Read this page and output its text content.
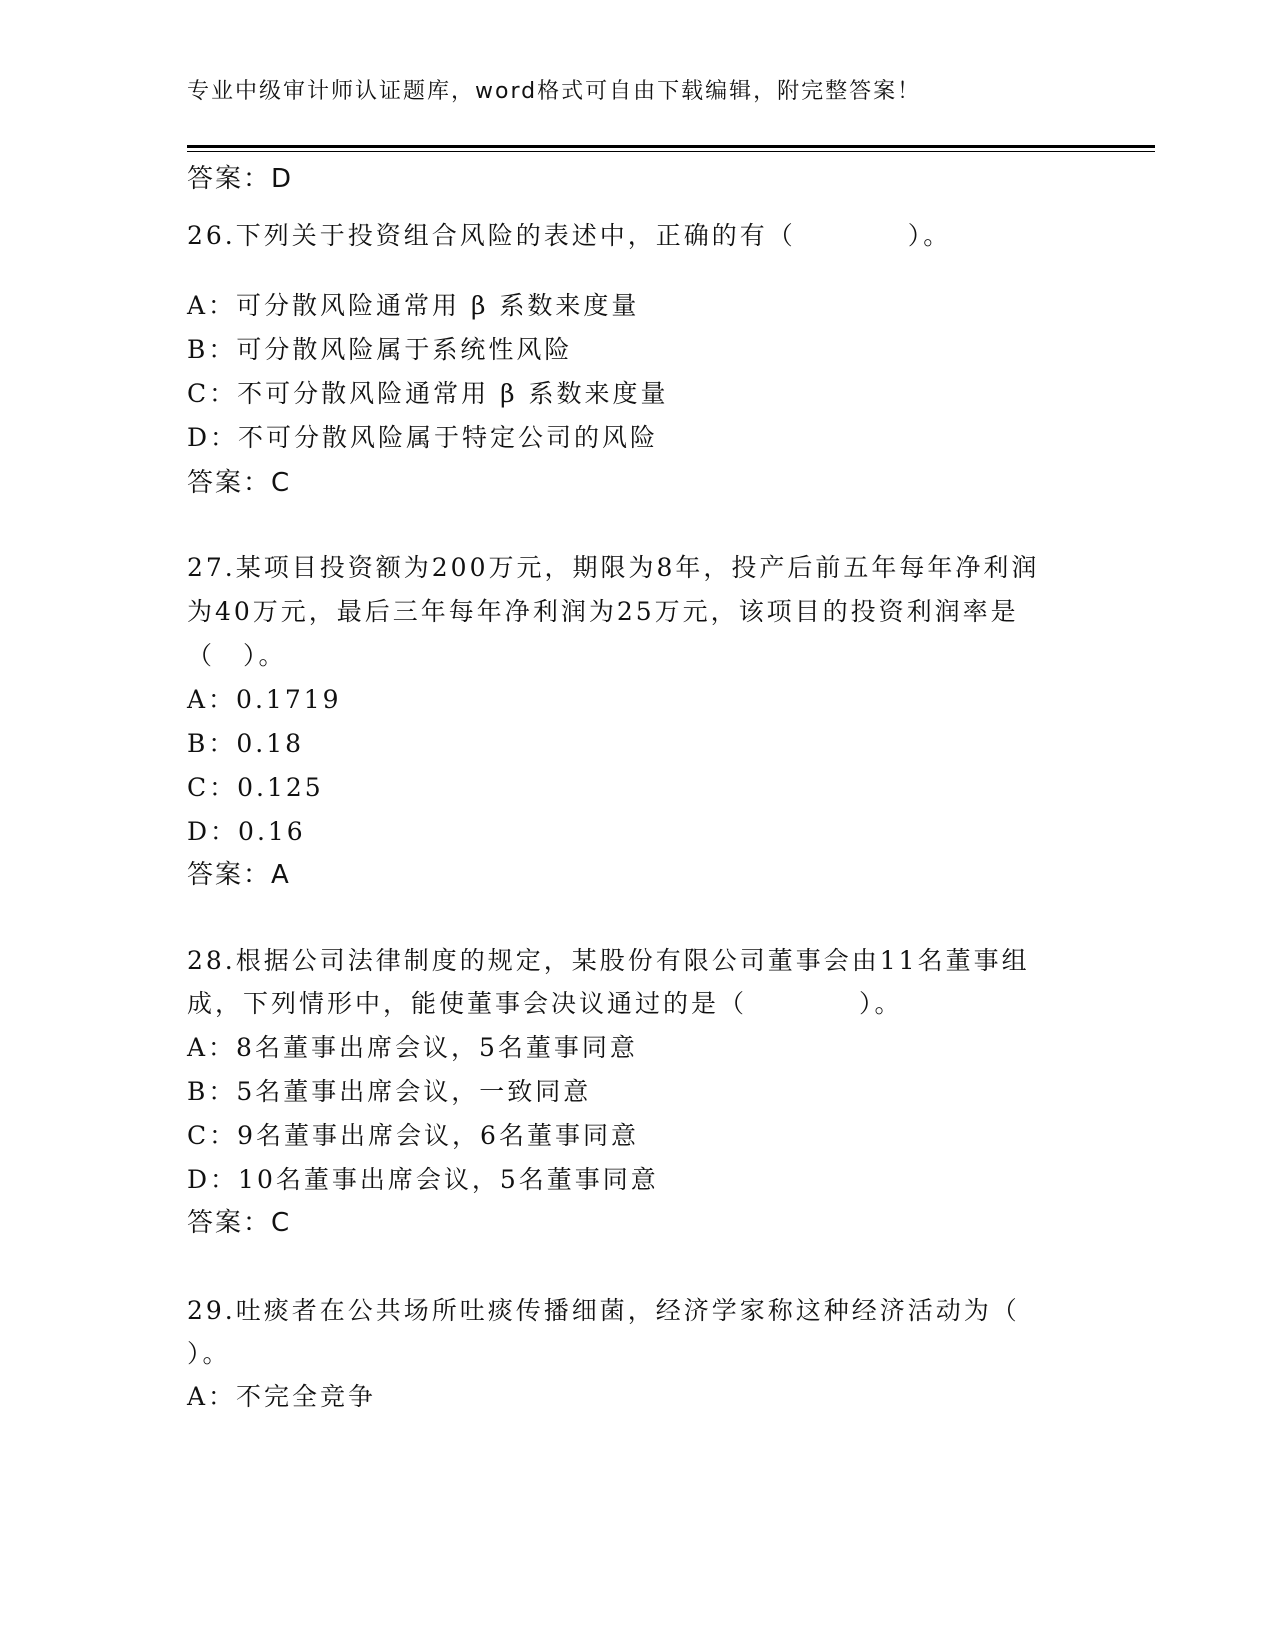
专业中级审计师认证题库，word格式可自由下载编辑，附完整答案！
答案：D
26.下列关于投资组合风险的表述中，正确的有（　　　　）。
A：可分散风险通常用 β 系数来度量
B：可分散风险属于系统性风险
C：不可分散风险通常用 β 系数来度量
D：不可分散风险属于特定公司的风险
答案：C
27.某项目投资额为200万元，期限为8年，投产后前五年每年净利润
为40万元，最后三年每年净利润为25万元，该项目的投资利润率是
（　）。
A：0.1719
B：0.18
C：0.125
D：0.16
答案：A
28.根据公司法律制度的规定，某股份有限公司董事会由11名董事组
成，下列情形中，能使董事会决议通过的是（　　　　）。
A：8名董事出席会议，5名董事同意
B：5名董事出席会议，一致同意
C：9名董事出席会议，6名董事同意
D：10名董事出席会议，5名董事同意
答案：C
29.吐痰者在公共场所吐痰传播细菌，经济学家称这种经济活动为（
）。
A：不完全竞争
